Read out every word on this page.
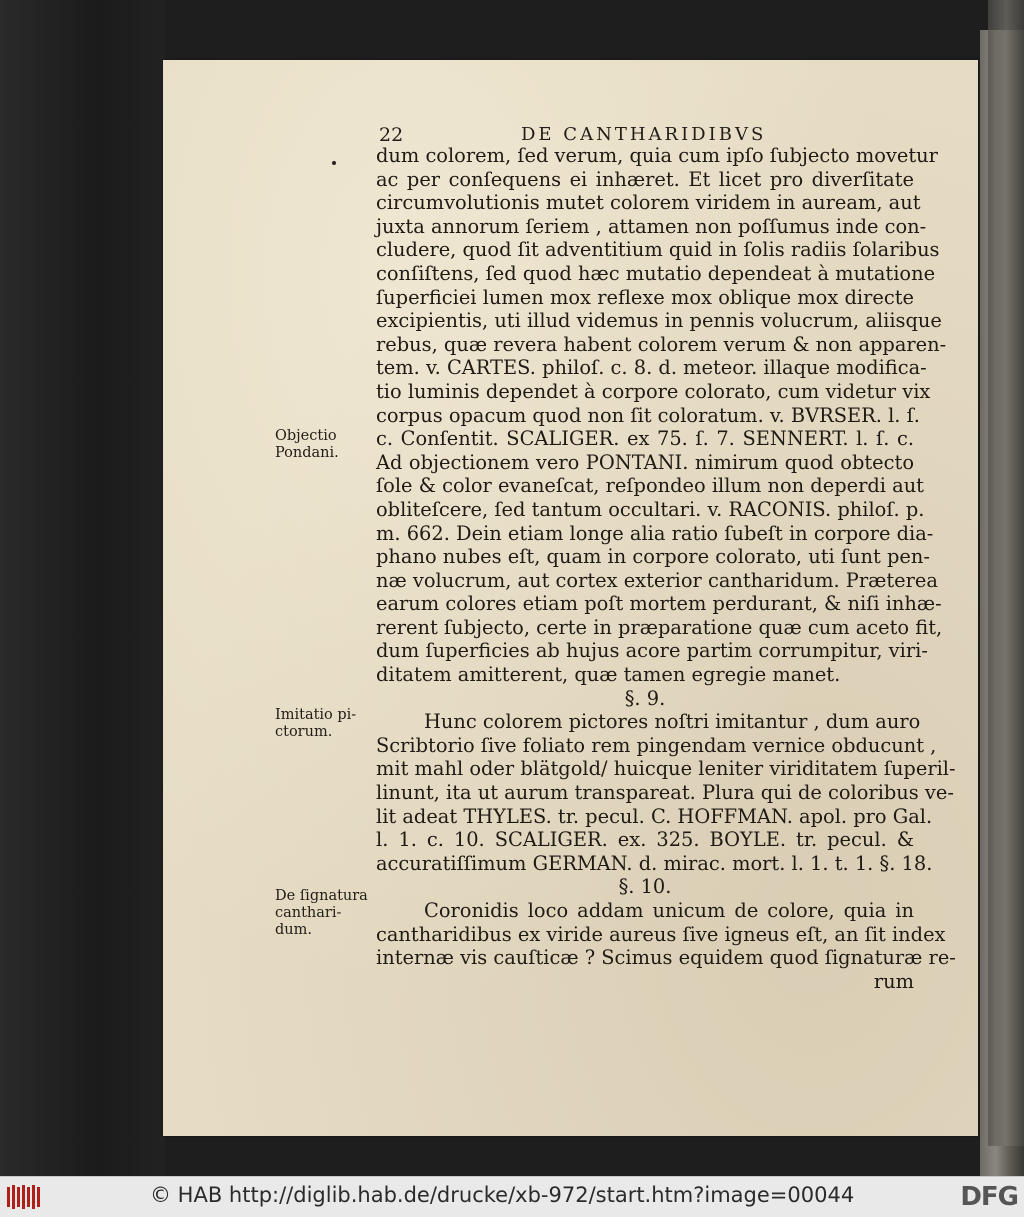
22	DE CANTHARIDIBVS
dum colorem, ſed verum, quia cum ipſo ſubjecto movetur
ac per conſequens ei inhæret. Et licet pro diverſitate
circumvolutionis mutet colorem viridem in auream, aut
juxta annorum ſeriem , attamen non poſſumus inde con-
cludere, quod ſit adventitium quid in ſolis radiis ſolaribus
conſiſtens, ſed quod hæc mutatio dependeat à mutatione
ſuperficiei lumen mox reflexe mox oblique mox directe
excipientis, uti illud videmus in pennis volucrum, aliisque
rebus, quæ revera habent colorem verum & non apparen-
tem. v. CARTES. philoſ. c. 8. d. meteor. illaque modifica-
tio luminis dependet à corpore colorato, cum videtur vix
corpus opacum quod non ſit coloratum. v. BVRSER. l. ſ.
c. Conſentit. SCALIGER. ex 75. ſ. 7. SENNERT. l. ſ. c.
Ad objectionem vero PONTANI. nimirum quod obtecto
ſole & color evaneſcat, reſpondeo illum non deperdi aut
obliteſcere, ſed tantum occultari. v. RACONIS. philoſ. p.
m. 662. Dein etiam longe alia ratio ſubeſt in corpore dia-
phano nubes eſt, quam in corpore colorato, uti ſunt pen-
næ volucrum, aut cortex exterior cantharidum. Præterea
earum colores etiam poſt mortem perdurant, & niſi inhæ-
rerent ſubjecto, certe in præparatione quæ cum aceto fit,
dum ſuperficies ab hujus acore partim corrumpitur, viri-
ditatem amitterent, quæ tamen egregie manet.
§. 9.
Hunc colorem pictores noſtri imitantur , dum auro
Scribtorio ſive foliato rem pingendam vernice obducunt ,
mit mahl oder blätgold/ huicque leniter viriditatem ſuperil-
linunt, ita ut aurum transpareat. Plura qui de coloribus ve-
lit adeat THYLES. tr. pecul. C. HOFFMAN. apol. pro Gal.
l. 1. c. 10. SCALIGER. ex. 325. BOYLE. tr. pecul. &
accuratiſſimum GERMAN. d. mirac. mort. l. 1. t. 1. §. 18.
§. 10.
Coronidis loco addam unicum de colore, quia in
cantharidibus ex viride aureus ſive igneus eſt, an ſit index
internæ vis cauſticæ ? Scimus equidem quod ſignaturæ re-
rum
Objectio
Pondani.
Imitatio pi-
ctorum.
De ſignatura
canthari-
dum.
© HAB http://diglib.hab.de/drucke/xb-972/start.htm?image=00044	DFG
